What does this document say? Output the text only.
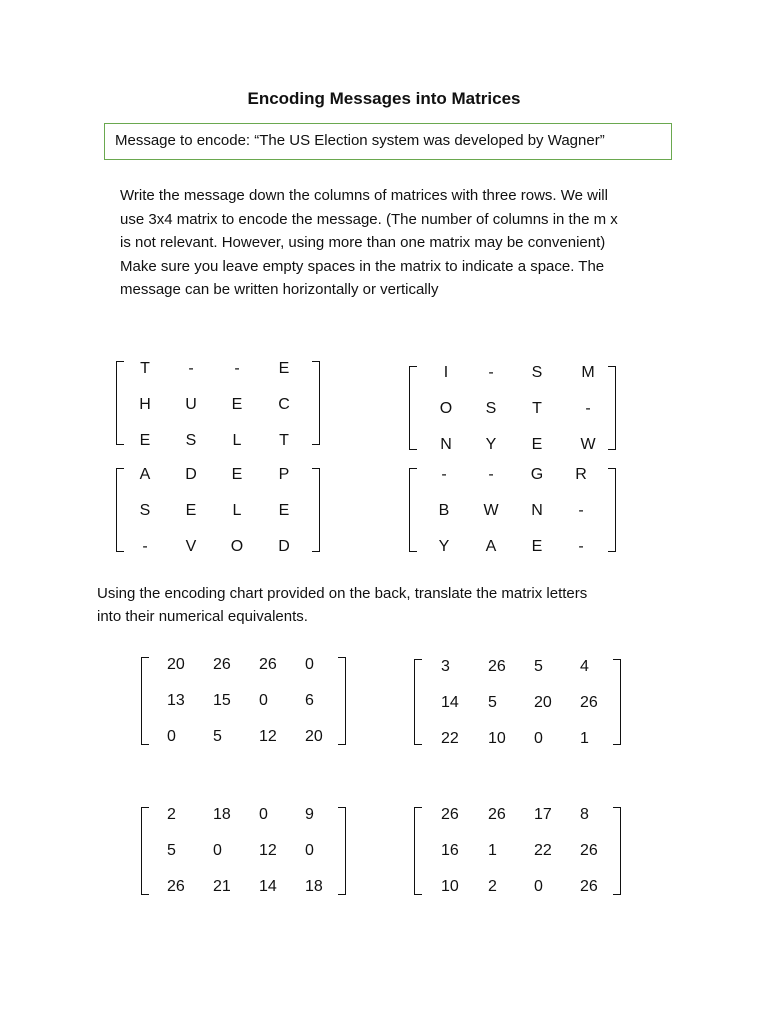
Encoding Messages into Matrices
Message to encode: “The US Election system was developed by Wagner”

Write the message down the columns of matrices with three rows. We will
use 3x4 matrix to encode the message. (The number of columns in the m x
is not relevant. However, using more than one matrix may be convenient)
Make sure you leave empty spaces in the matrix to indicate a space. The
message can be written horizontally or vertically

T	-	-	E
H	U	E	C
E	S	L	T
I	-	S	M
O	S	T	-
N	Y	E	W
A	D	E	P
S	E	L	E
-	V	O	D
-	-	G	R
B	W	N	-
Y	A	E	-

Using the encoding chart provided on the back, translate the matrix letters
into their numerical equivalents.

20	26	26	0
13	15	0	6
0	5	12	20
3	26	5	4
14	5	20	26
22	10	0	1
2	18	0	9
5	0	12	0
26	21	14	18
26	26	17	8
16	1	22	26
10	2	0	26
